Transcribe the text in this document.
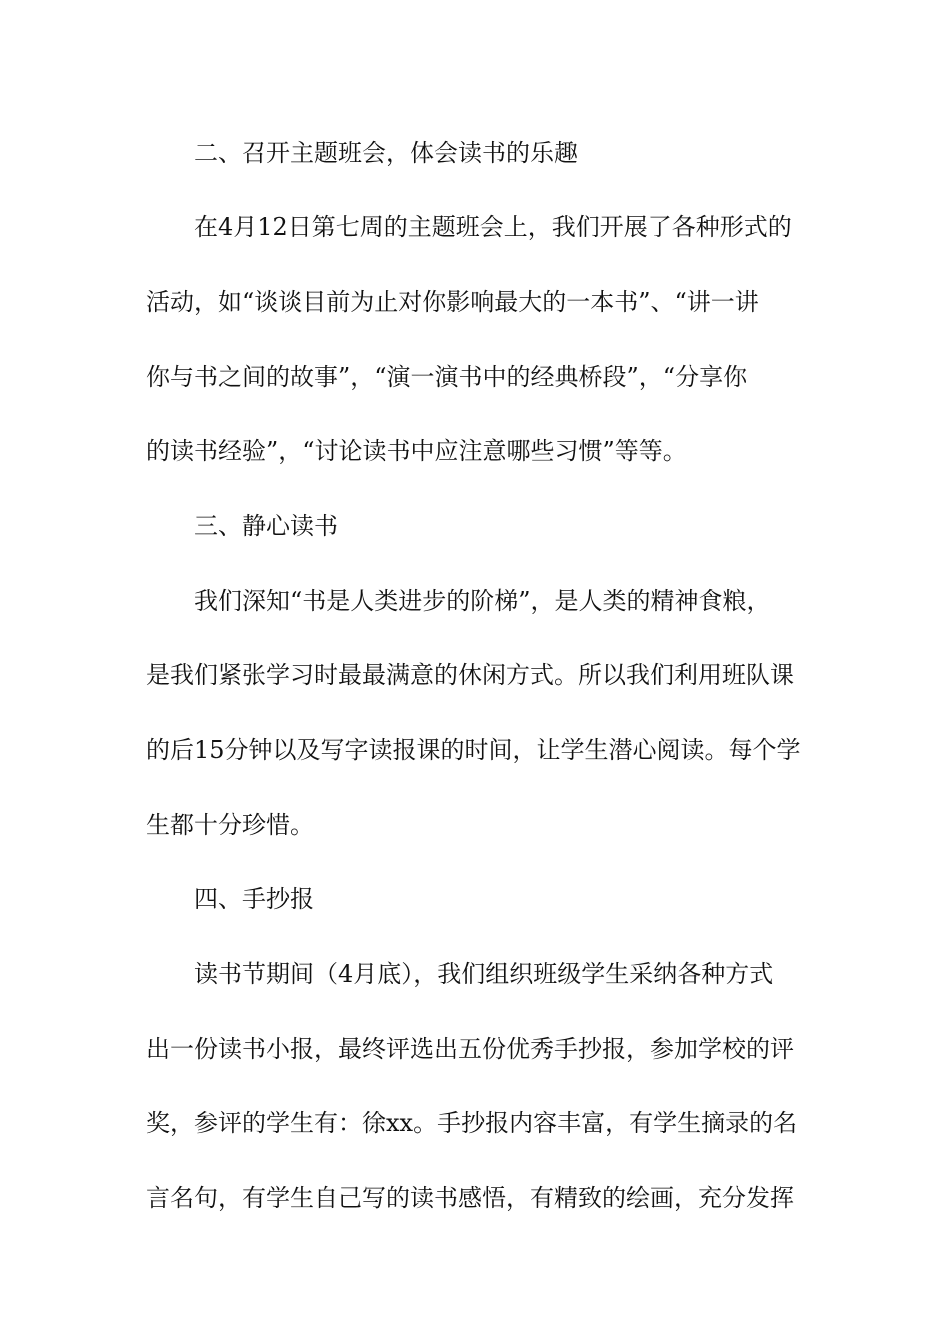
二、召开主题班会，体会读书的乐趣
在4月12日第七周的主题班会上，我们开展了各种形式的
活动，如“谈谈目前为止对你影响最大的一本书”、“讲一讲
你与书之间的故事”，“演一演书中的经典桥段”，“分享你
的读书经验”，“讨论读书中应注意哪些习惯”等等。
三、静心读书
我们深知“书是人类进步的阶梯”，是人类的精神食粮，
是我们紧张学习时最最满意的休闲方式。所以我们利用班队课
的后15分钟以及写字读报课的时间，让学生潜心阅读。每个学
生都十分珍惜。
四、手抄报
读书节期间（4月底），我们组织班级学生采纳各种方式
出一份读书小报，最终评选出五份优秀手抄报，参加学校的评
奖，参评的学生有：徐xx。手抄报内容丰富，有学生摘录的名
言名句，有学生自己写的读书感悟，有精致的绘画，充分发挥
